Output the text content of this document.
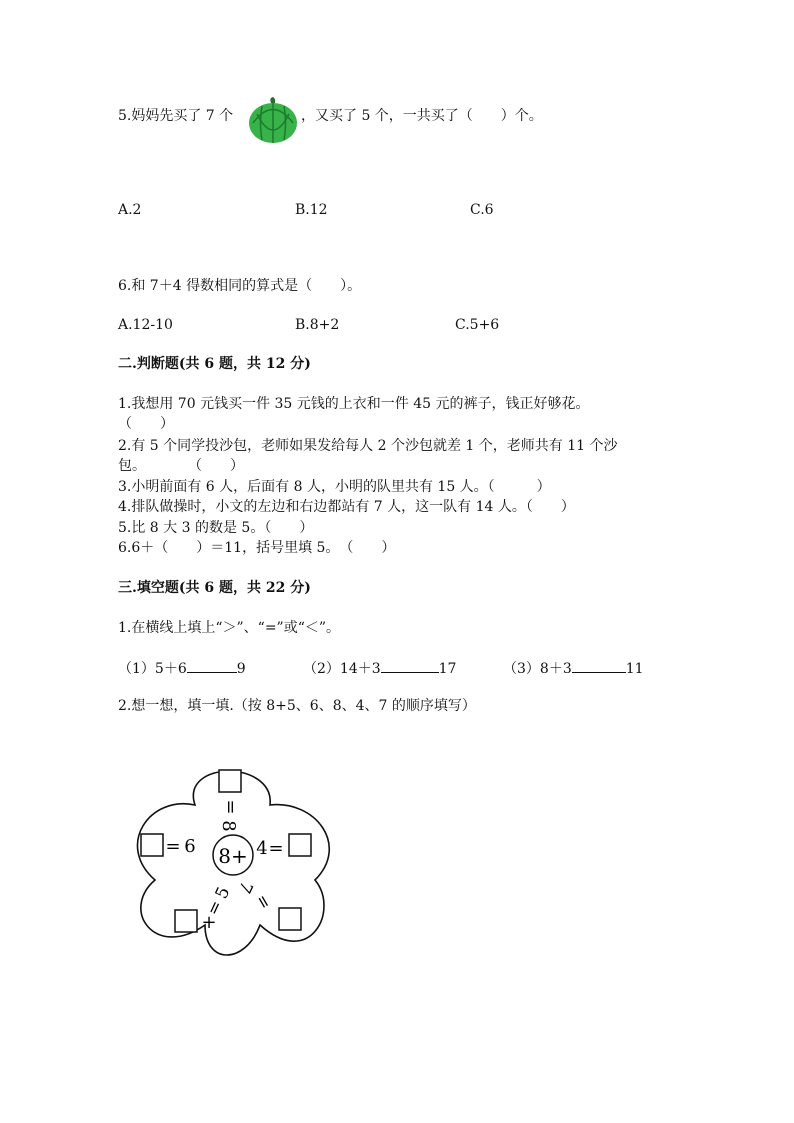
5.妈妈先买了 7 个	，又买了 5 个，一共买了（　　）个。
A.2	B.12	C.6
6.和 7＋4 得数相同的算式是（　　）。
A.12-10	B.8+2	C.5+6
二.判断题(共 6 题，共 12 分)
1.我想用 70 元钱买一件 35 元钱的上衣和一件 45 元的裤子，钱正好够花。
（　　）
2.有 5 个同学投沙包，老师如果发给每人 2 个沙包就差 1 个，老师共有 11 个沙
包。　　　　（　　）
3.小明前面有 6 人，后面有 8 人，小明的队里共有 15 人。（　　　）
4.排队做操时，小文的左边和右边都站有 7 人，这一队有 14 人。（　　）
5.比 8 大 3 的数是 5。（　　）
6.6＋（　　）＝11，括号里填 5。　（　　）
三.填空题(共 6 题，共 22 分)
1.在横线上填上“＞”、“=”或“＜”。
（1）5＋6	9	（2）14＋3	17	（3）8＋3	11
2.想一想，填一填.（按 8+5、6、8、4、7 的顺序填写）
8+
=
8
= 6	4 =
5
=
+
7
=
